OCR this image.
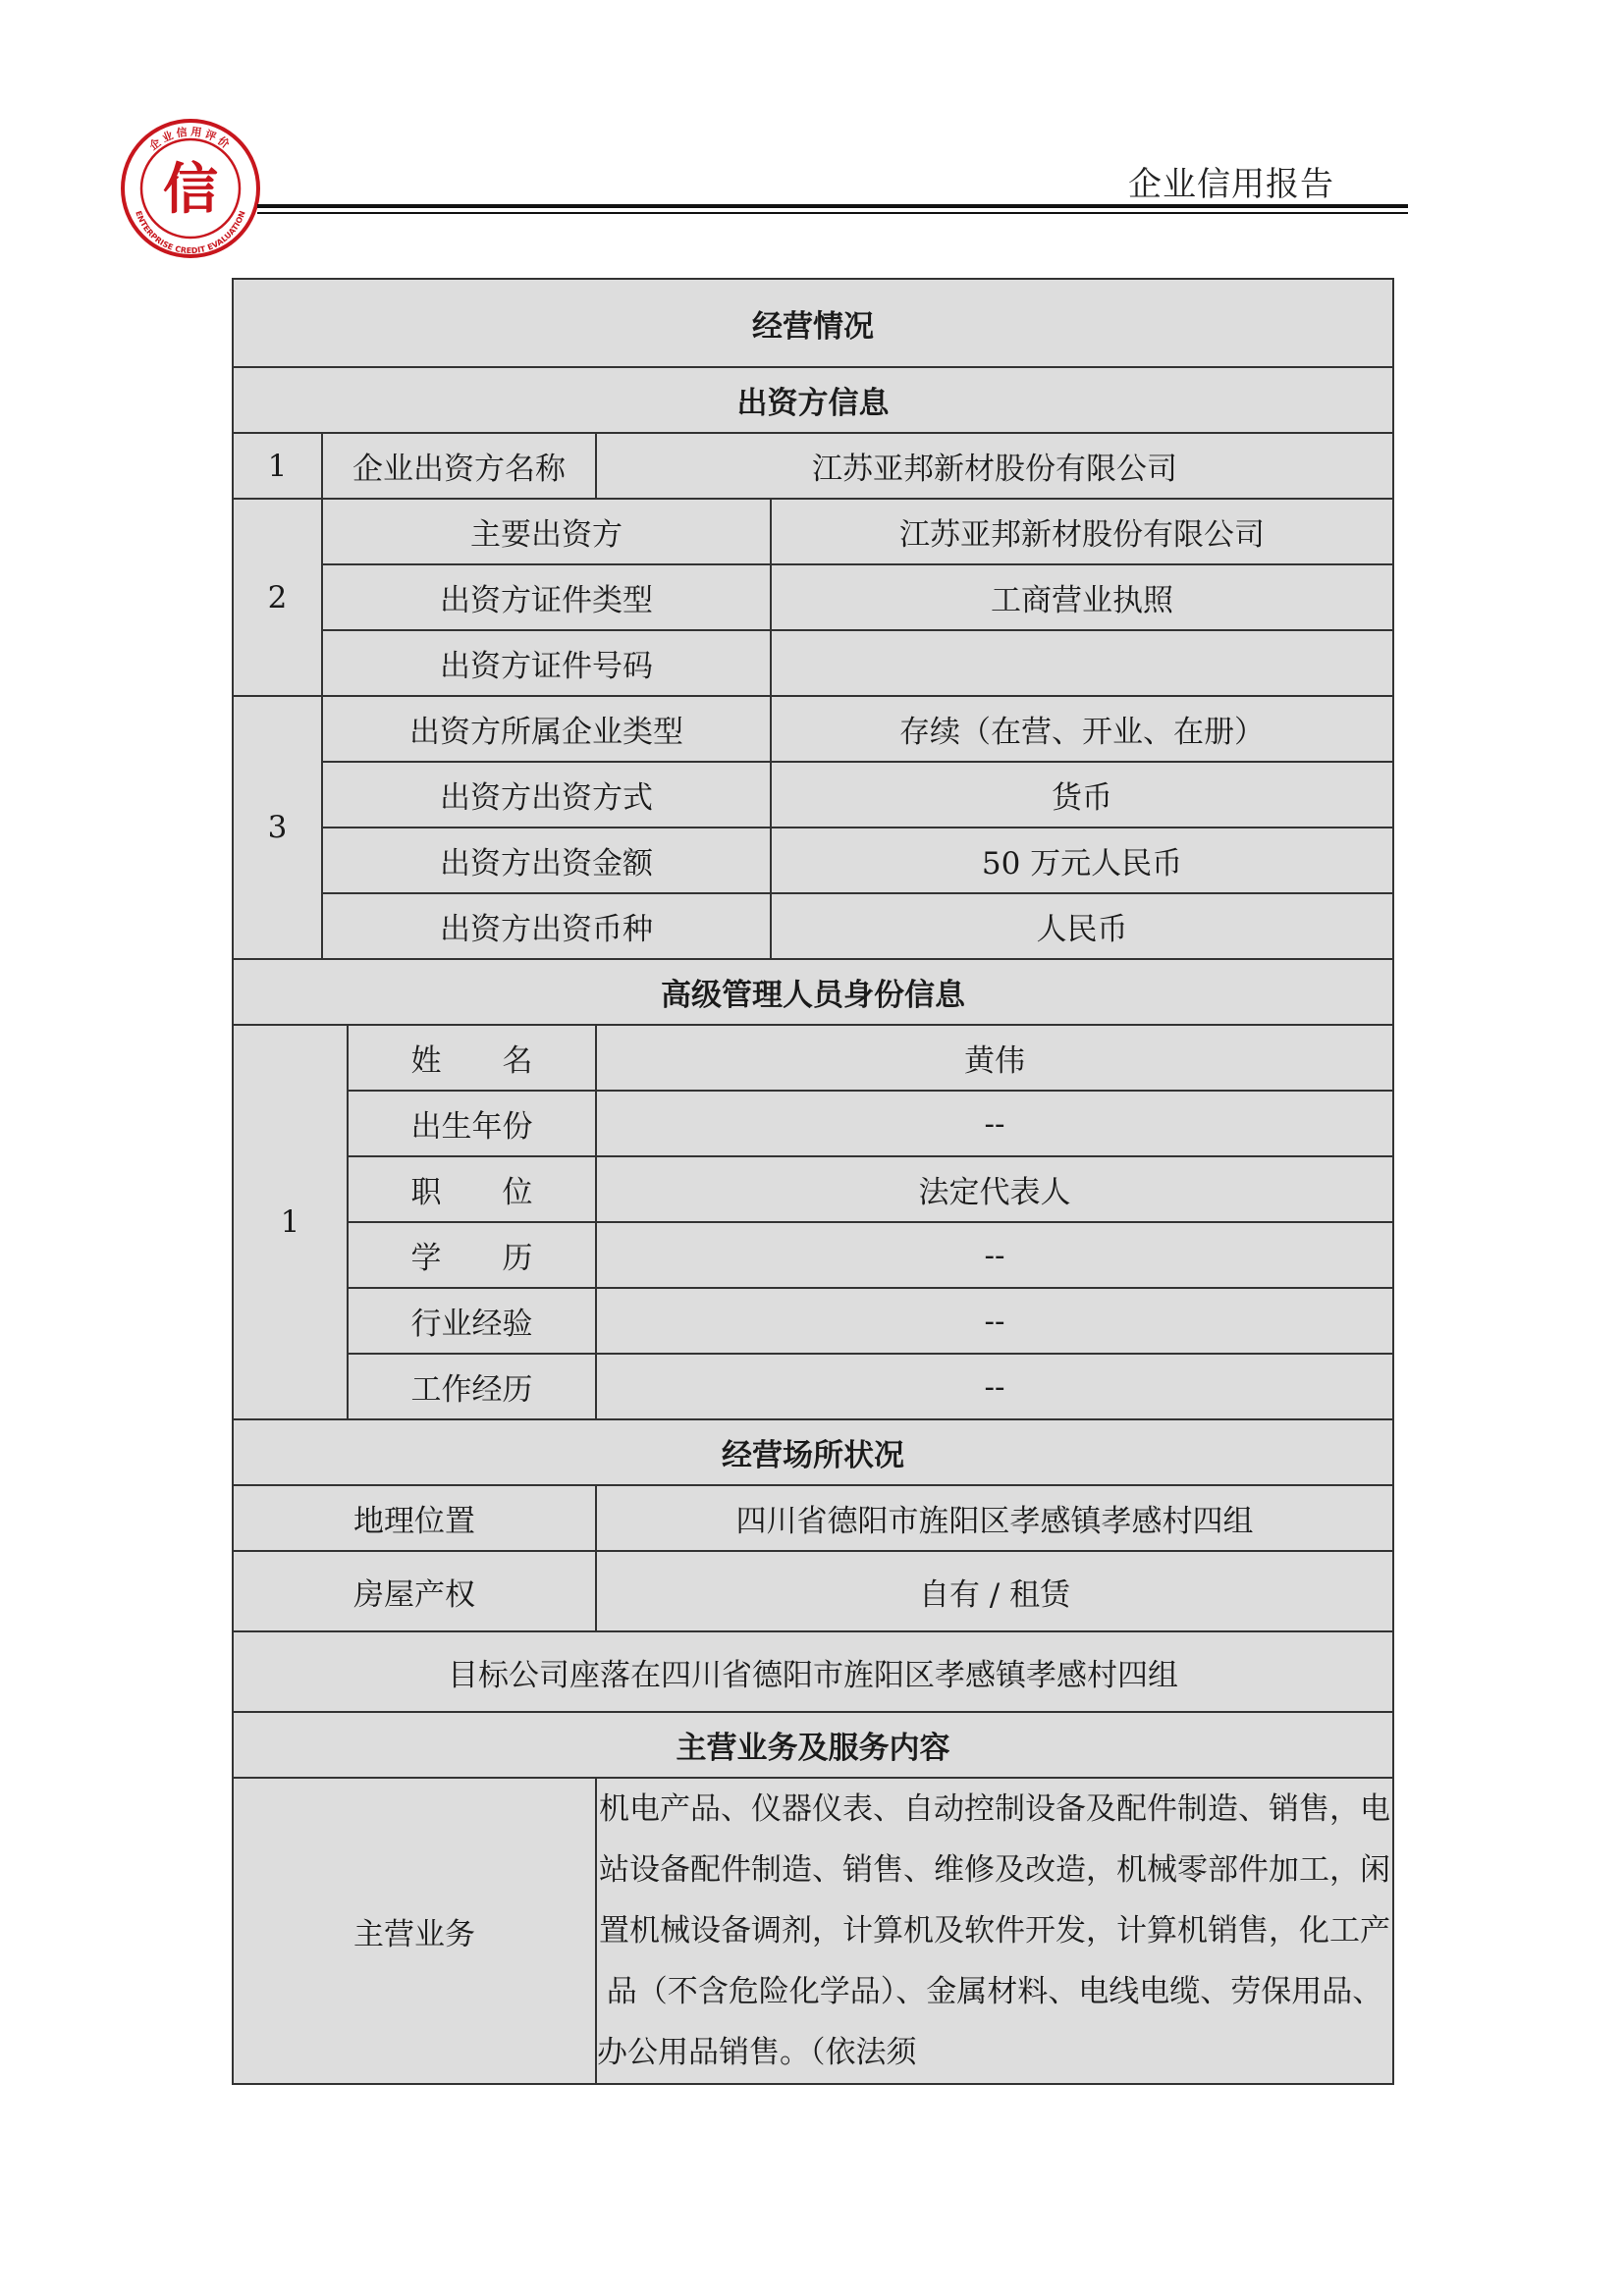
企业信用评价
ENTERPRISE CREDIT EVALUATION
信	企业信用报告
经营情况				
出资方信息				
1	企业出资方名称		江苏亚邦新材股份有限公司	
2	主要出资方			江苏亚邦新材股份有限公司
	出资方证件类型			工商营业执照
	出资方证件号码			
3	出资方所属企业类型			存续（在营、开业、在册）
	出资方出资方式			货币
	出资方出资金额			50 万元人民币
	出资方出资币种			人民币
高级管理人员身份信息				
1		姓　　名	黄伟	
		出生年份	--	
		职　　位	法定代表人	
		学　　历	--	
		行业经验	--	
		工作经历	--	
经营场所状况				
地理位置			四川省德阳市旌阳区孝感镇孝感村四组	
房屋产权			自有 / 租赁	
目标公司座落在四川省德阳市旌阳区孝感镇孝感村四组				
主营业务及服务内容				
主营业务			机电产品、仪器仪表、自动控制设备及配件制造、销售，电站设备配件制造、销售、维修及改造，机械零部件加工，闲置机械设备调剂，计算机及软件开发，计算机销售，化工产品（不含危险化学品）、金属材料、电线电缆、劳保用品、办公用品销售。（依法须	
